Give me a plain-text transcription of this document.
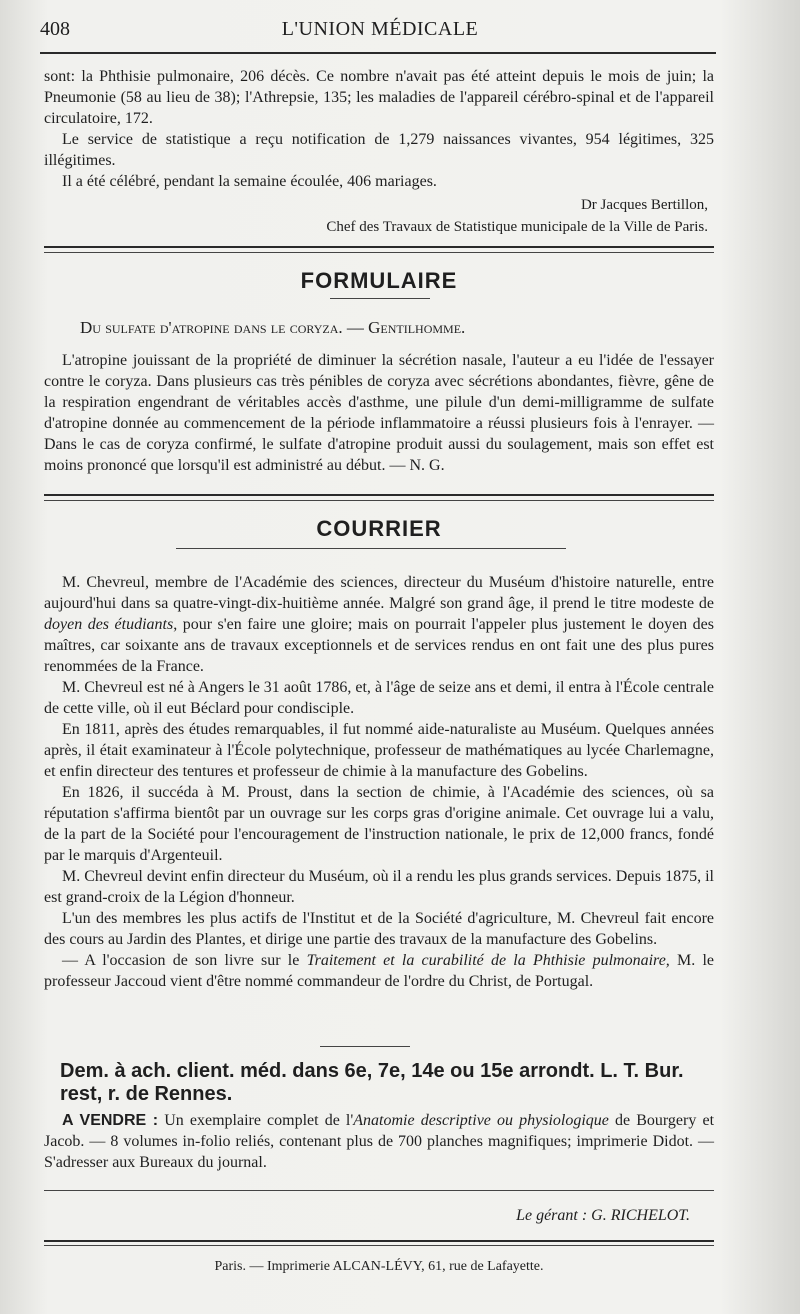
408	L'UNION MÉDICALE

sont: la Phthisie pulmonaire, 206 décès. Ce nombre n'avait pas été atteint depuis le mois de juin; la Pneumonie (58 au lieu de 38); l'Athrepsie, 135; les maladies de l'appareil cérébro-spinal et de l'appareil circulatoire, 172.

Le service de statistique a reçu notification de 1,279 naissances vivantes, 954 légitimes, 325 illégitimes.

Il a été célébré, pendant la semaine écoulée, 406 mariages.

Dr Jacques Bertillon,
Chef des Travaux de Statistique municipale de la Ville de Paris.
FORMULAIRE
Du sulfate d'atropine dans le coryza. — Gentilhomme.

L'atropine jouissant de la propriété de diminuer la sécrétion nasale, l'auteur a eu l'idée de l'essayer contre le coryza. Dans plusieurs cas très pénibles de coryza avec sécrétions abondantes, fièvre, gêne de la respiration engendrant de véritables accès d'asthme, une pilule d'un demi-milligramme de sulfate d'atropine donnée au commencement de la période inflammatoire a réussi plusieurs fois à l'enrayer. — Dans le cas de coryza confirmé, le sulfate d'atropine produit aussi du soulagement, mais son effet est moins prononcé que lorsqu'il est administré au début. — N. G.

COURRIER

M. Chevreul, membre de l'Académie des sciences, directeur du Muséum d'histoire naturelle, entre aujourd'hui dans sa quatre-vingt-dix-huitième année. Malgré son grand âge, il prend le titre modeste de doyen des étudiants, pour s'en faire une gloire; mais on pourrait l'appeler plus justement le doyen des maîtres, car soixante ans de travaux exceptionnels et de services rendus en ont fait une des plus pures renommées de la France.

M. Chevreul est né à Angers le 31 août 1786, et, à l'âge de seize ans et demi, il entra à l'École centrale de cette ville, où il eut Béclard pour condisciple.

En 1811, après des études remarquables, il fut nommé aide-naturaliste au Muséum. Quelques années après, il était examinateur à l'École polytechnique, professeur de mathématiques au lycée Charlemagne, et enfin directeur des tentures et professeur de chimie à la manufacture des Gobelins.

En 1826, il succéda à M. Proust, dans la section de chimie, à l'Académie des sciences, où sa réputation s'affirma bientôt par un ouvrage sur les corps gras d'origine animale. Cet ouvrage lui a valu, de la part de la Société pour l'encouragement de l'instruction nationale, le prix de 12,000 francs, fondé par le marquis d'Argenteuil.

M. Chevreul devint enfin directeur du Muséum, où il a rendu les plus grands services. Depuis 1875, il est grand-croix de la Légion d'honneur.

L'un des membres les plus actifs de l'Institut et de la Société d'agriculture, M. Chevreul fait encore des cours au Jardin des Plantes, et dirige une partie des travaux de la manufacture des Gobelins.

— A l'occasion de son livre sur le Traitement et la curabilité de la Phthisie pulmonaire, M. le professeur Jaccoud vient d'être nommé commandeur de l'ordre du Christ, de Portugal.

Dem. à ach. client. méd. dans 6e, 7e, 14e ou 15e arrondt. L. T. Bur. rest, r. de Rennes.

A VENDRE : Un exemplaire complet de l'Anatomie descriptive ou physiologique de Bourgery et Jacob. — 8 volumes in-folio reliés, contenant plus de 700 planches magnifiques; imprimerie Didot. — S'adresser aux Bureaux du journal.

Le gérant : G. RICHELOT.
Paris. — Imprimerie ALCAN-LÉVY, 61, rue de Lafayette.
